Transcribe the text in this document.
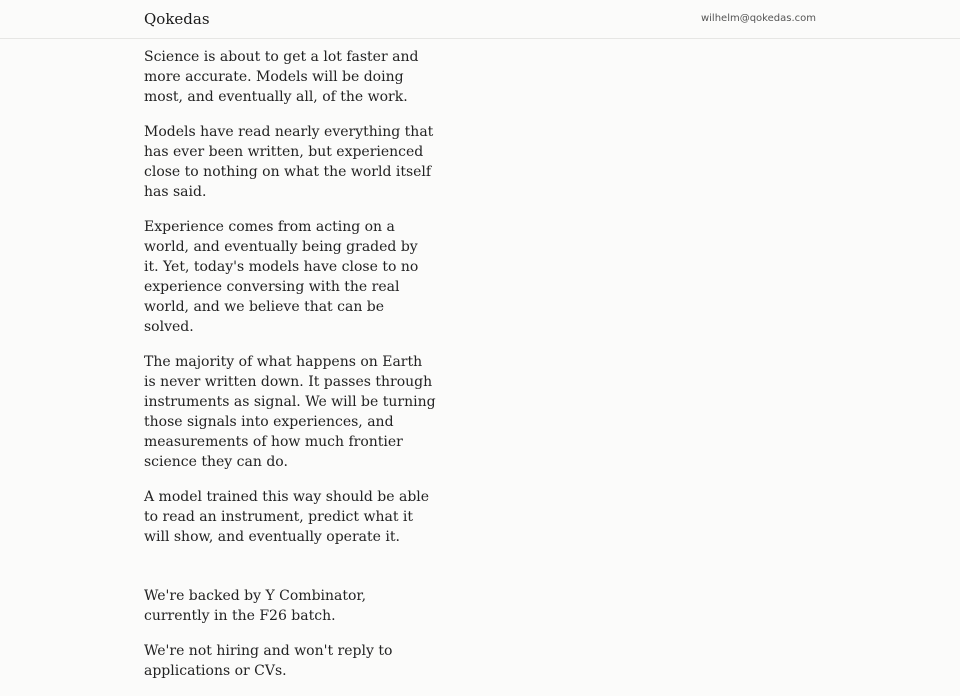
Qokedas	wilhelm@qokedas.com

Science is about to get a lot faster and more accurate. Models will be doing most, and eventually all, of the work.

Models have read nearly everything that has ever been written, but experienced close to nothing on what the world itself has said.

Experience comes from acting on a world, and eventually being graded by it. Yet, today's models have close to no experience conversing with the real world, and we believe that can be solved.

The majority of what happens on Earth is never written down. It passes through instruments as signal. We will be turning those signals into experiences, and measurements of how much frontier science they can do.

A model trained this way should be able to read an instrument, predict what it will show, and eventually operate it.

We're backed by Y Combinator, currently in the F26 batch.

We're not hiring and won't reply to applications or CVs.
